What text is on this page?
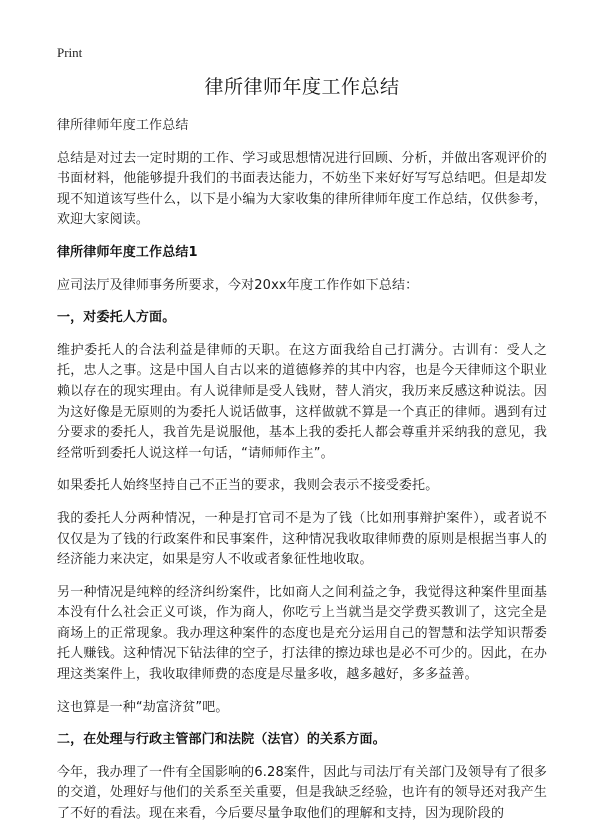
Print
律所律师年度工作总结

律所律师年度工作总结

总结是对过去一定时期的工作、学习或思想情况进行回顾、分析，并做出客观评价的书面材料，他能够提升我们的书面表达能力，不妨坐下来好好写写总结吧。但是却发现不知道该写些什么，以下是小编为大家收集的律所律师年度工作总结，仅供参考，欢迎大家阅读。

律所律师年度工作总结1

应司法厅及律师事务所要求，今对20xx年度工作作如下总结：

一，对委托人方面。

维护委托人的合法利益是律师的天职。在这方面我给自己打满分。古训有：受人之托，忠人之事。这是中国人自古以来的道德修养的其中内容，也是今天律师这个职业赖以存在的现实理由。有人说律师是受人钱财，替人消灾，我历来反感这种说法。因为这好像是无原则的为委托人说话做事，这样做就不算是一个真正的律师。遇到有过分要求的委托人，我首先是说服他，基本上我的委托人都会尊重并采纳我的意见，我经常听到委托人说这样一句话，“请师师作主”。

如果委托人始终坚持自己不正当的要求，我则会表示不接受委托。

我的委托人分两种情况，一种是打官司不是为了钱（比如刑事辩护案件），或者说不仅仅是为了钱的行政案件和民事案件，这种情况我收取律师费的原则是根据当事人的经济能力来决定，如果是穷人不收或者象征性地收取。

另一种情况是纯粹的经济纠纷案件，比如商人之间利益之争，我觉得这种案件里面基本没有什么社会正义可谈，作为商人，你吃亏上当就当是交学费买教训了，这完全是商场上的正常现象。我办理这种案件的态度也是充分运用自己的智慧和法学知识帮委托人赚钱。这种情况下钻法律的空子，打法律的擦边球也是必不可少的。因此，在办理这类案件上，我收取律师费的态度是尽量多收，越多越好，多多益善。

这也算是一种“劫富济贫”吧。

二，在处理与行政主管部门和法院（法官）的关系方面。

今年，我办理了一件有全国影响的6.28案件，因此与司法厅有关部门及领导有了很多的交道，处理好与他们的关系至关重要，但是我缺乏经验，也许有的领导还对我产生了不好的看法。现在来看，今后要尽量争取他们的理解和支持，因为现阶段的
